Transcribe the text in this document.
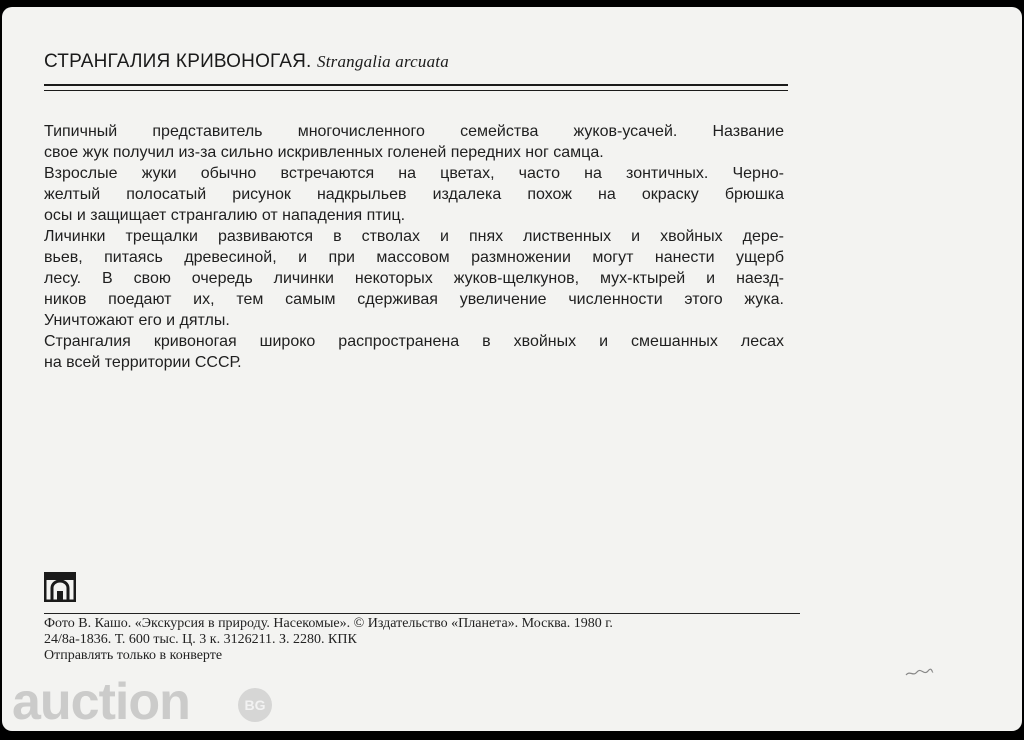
СТРАНГАЛИЯ КРИВОНОГАЯ. Strangalia arcuata
Типичный представитель многочисленного семейства жуков-усачей. Название
свое жук получил из-за сильно искривленных голеней передних ног самца.
Взрослые жуки обычно встречаются на цветах, часто на зонтичных. Черно-
желтый полосатый рисунок надкрыльев издалека похож на окраску брюшка
осы и защищает странгалию от нападения птиц.
Личинки трещалки развиваются в стволах и пнях лиственных и хвойных дере-
вьев, питаясь древесиной, и при массовом размножении могут нанести ущерб
лесу. В свою очередь личинки некоторых жуков-щелкунов, мух-ктырей и наезд-
ников поедают их, тем самым сдерживая увеличение численности этого жука.
Уничтожают его и дятлы.
Странгалия кривоногая широко распространена в хвойных и смешанных лесах
на всей территории СССР.
Фото В. Кашо. «Экскурсия в природу. Насекомые». © Издательство «Планета». Москва. 1980 г.
24/8а-1836. Т. 600 тыс. Ц. 3 к. 3126211. З. 2280. КПК
Отправлять только в конверте
auction	BG
